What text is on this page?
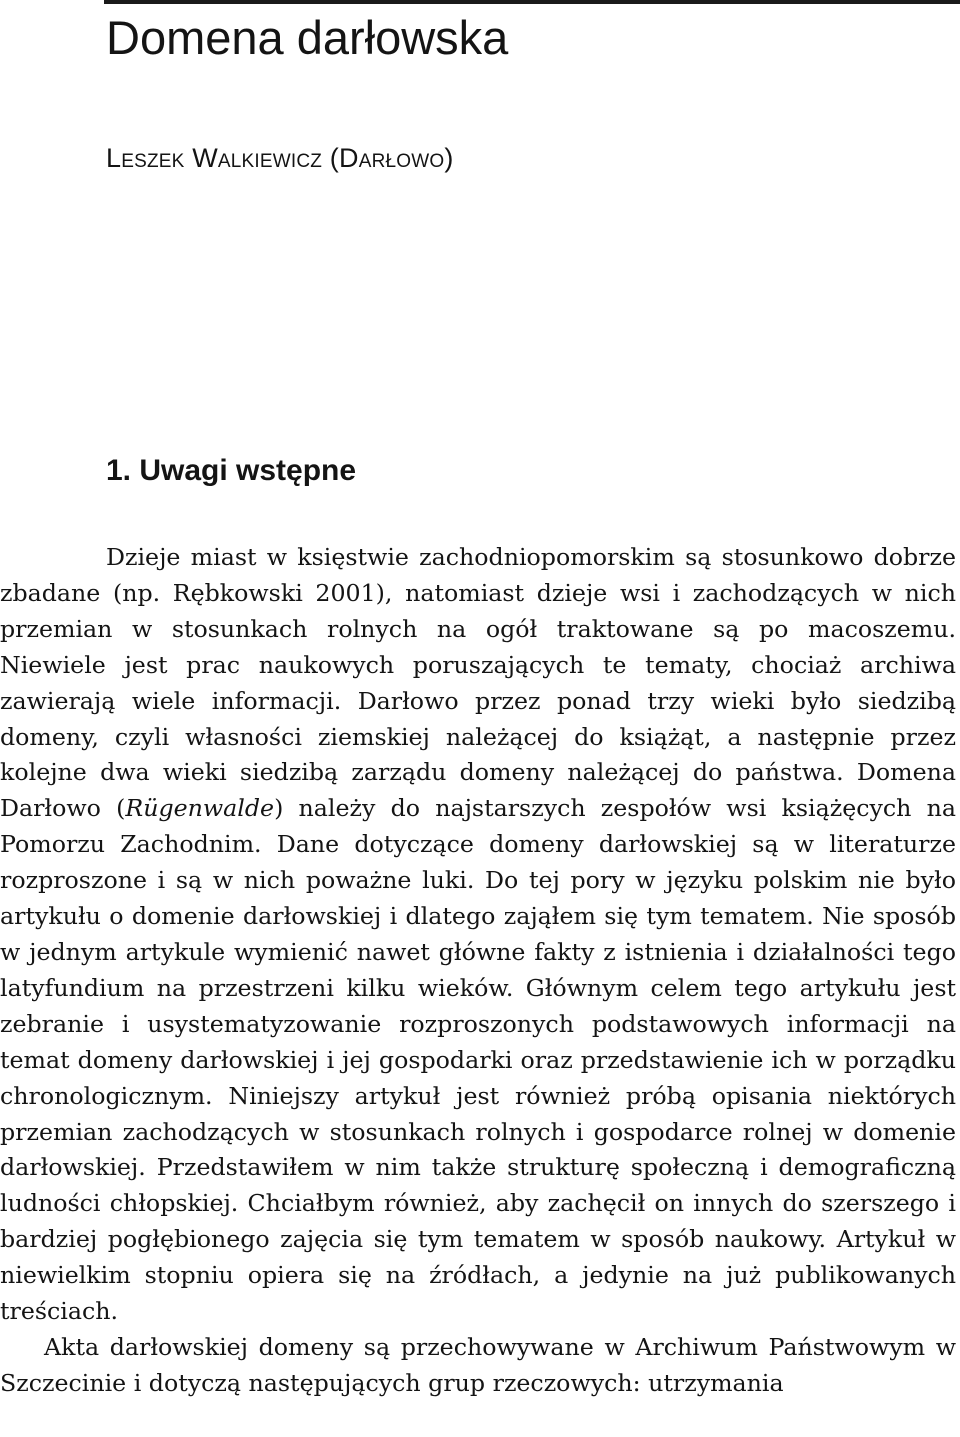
Domena darłowska
Leszek Walkiewicz (Darłowo)
1. Uwagi wstępne

Dzieje miast w księstwie zachodniopomorskim są stosunkowo dobrze zbadane (np. Rębkowski 2001), natomiast dzieje wsi i zachodzących w nich przemian w stosunkach rolnych na ogół traktowane są po macoszemu. Niewiele jest prac naukowych poruszających te tematy, chociaż archiwa zawierają wiele informacji. Darłowo przez ponad trzy wieki było siedzibą domeny, czyli własności ziemskiej należącej do książąt, a następnie przez kolejne dwa wieki siedzibą zarządu domeny należącej do państwa. Domena Darłowo (Rügenwalde) należy do najstarszych zespołów wsi książęcych na Pomorzu Zachodnim. Dane dotyczące domeny darłowskiej są w literaturze rozproszone i są w nich poważne luki. Do tej pory w języku polskim nie było artykułu o domenie darłowskiej i dlatego zająłem się tym tematem. Nie sposób w jednym artykule wymienić nawet główne fakty z istnienia i działalności tego latyfundium na przestrzeni kilku wieków. Głównym celem tego artykułu jest zebranie i usystematyzowanie rozproszonych podstawowych informacji na temat domeny darłowskiej i jej gospodarki oraz przedstawienie ich w porządku chronologicznym. Niniejszy artykuł jest również próbą opisania niektórych przemian zachodzących w stosunkach rolnych i gospodarce rolnej w domenie darłowskiej. Przedstawiłem w nim także strukturę społeczną i demograficzną ludności chłopskiej. Chciałbym również, aby zachęcił on innych do szerszego i bardziej pogłębionego zajęcia się tym tematem w sposób naukowy. Artykuł w niewielkim stopniu opiera się na źródłach, a jedynie na już publikowanych treściach.

Akta darłowskiej domeny są przechowywane w Archiwum Państwowym w Szczecinie i dotyczą następujących grup rzeczowych: utrzymania
